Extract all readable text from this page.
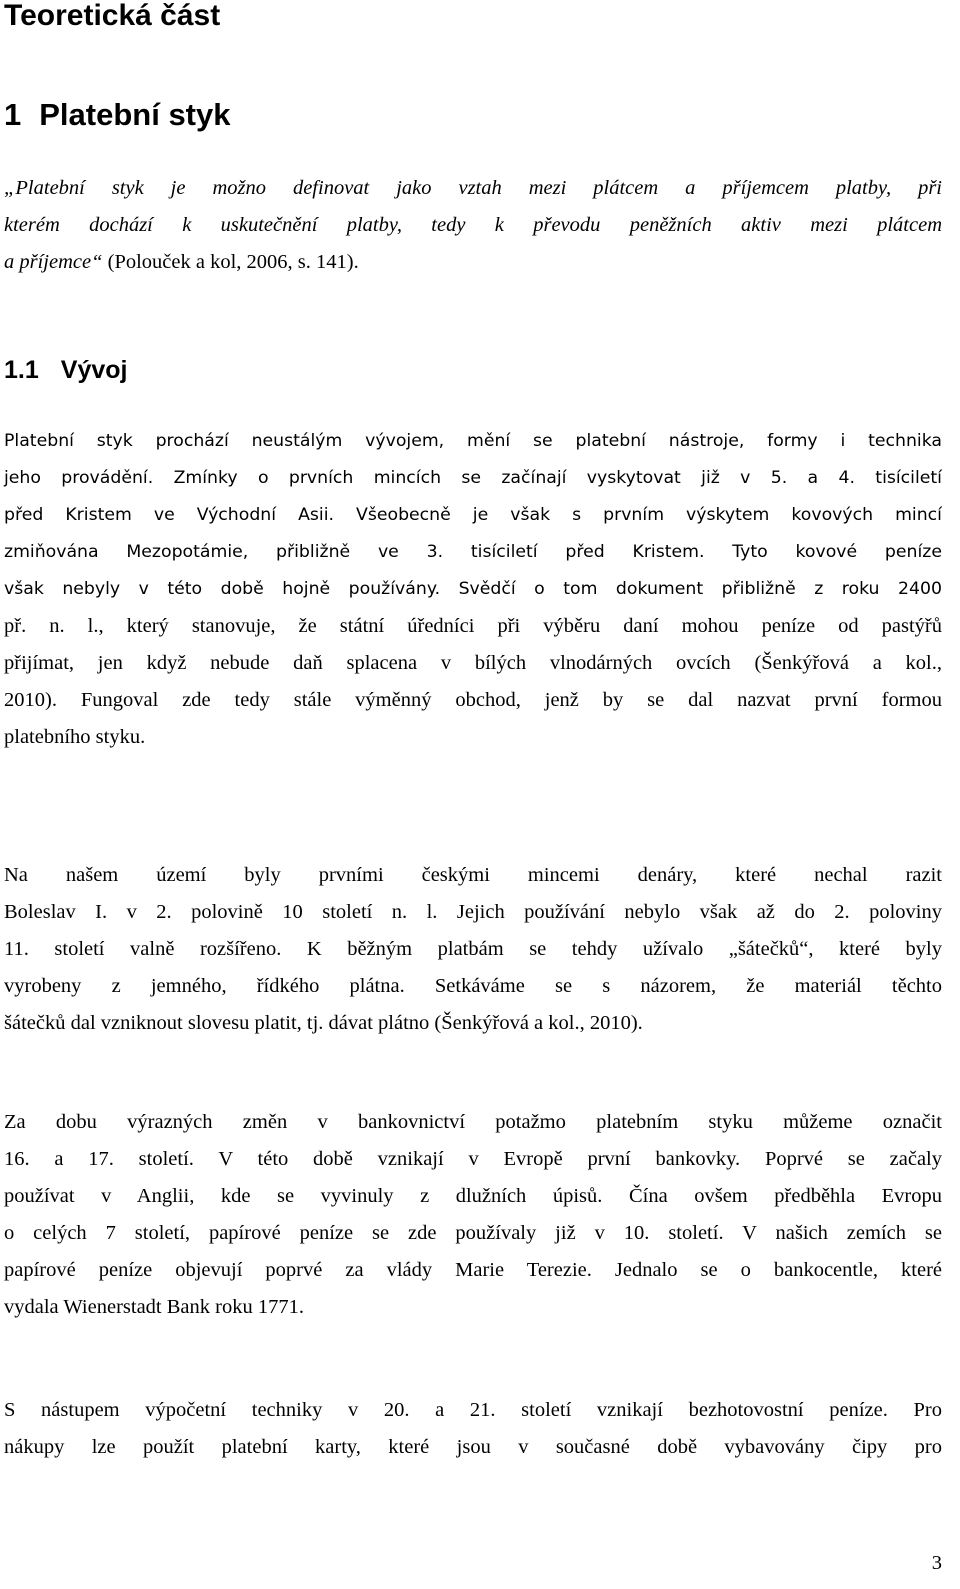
Teoretická část
1 Platební styk
„Platební styk je možno definovat jako vztah mezi plátcem a příjemcem platby, při
kterém dochází k uskutečnění platby, tedy k převodu peněžních aktiv mezi plátcem
a příjemce“ (Polouček a kol, 2006, s. 141).
1.1 Vývoj
Platební styk prochází neustálým vývojem, mění se platební nástroje, formy i technika
jeho provádění. Zmínky o prvních mincích se začínají vyskytovat již v 5. a 4. tisíciletí
před Kristem ve Východní Asii. Všeobecně je však s prvním výskytem kovových mincí
zmiňována Mezopotámie, přibližně ve 3. tisíciletí před Kristem. Tyto kovové peníze
však nebyly v této době hojně používány. Svědčí o tom dokument přibližně z roku 2400
př. n. l., který stanovuje, že státní úředníci při výběru daní mohou peníze od pastýřů
přijímat, jen když nebude daň splacena v bílých vlnodárných ovcích (Šenkýřová a kol.,
2010). Fungoval zde tedy stále výměnný obchod, jenž by se dal nazvat první formou
platebního styku.
Na našem území byly prvními českými mincemi denáry, které nechal razit
Boleslav I. v 2. polovině 10 století n. l. Jejich používání nebylo však až do 2. poloviny
11. století valně rozšířeno. K běžným platbám se tehdy užívalo „šátečků“, které byly
vyrobeny z jemného, řídkého plátna. Setkáváme se s názorem, že materiál těchto
šátečků dal vzniknout slovesu platit, tj. dávat plátno (Šenkýřová a kol., 2010).
Za dobu výrazných změn v bankovnictví potažmo platebním styku můžeme označit
16. a 17. století. V této době vznikají v Evropě první bankovky. Poprvé se začaly
používat v Anglii, kde se vyvinuly z dlužních úpisů. Čína ovšem předběhla Evropu
o celých 7 století, papírové peníze se zde používaly již v 10. století. V našich zemích se
papírové peníze objevují poprvé za vlády Marie Terezie. Jednalo se o bankocentle, které
vydala Wienerstadt Bank roku 1771.
S nástupem výpočetní techniky v 20. a 21. století vznikají bezhotovostní peníze. Pro
nákupy lze použít platební karty, které jsou v současné době vybavovány čipy pro
3
